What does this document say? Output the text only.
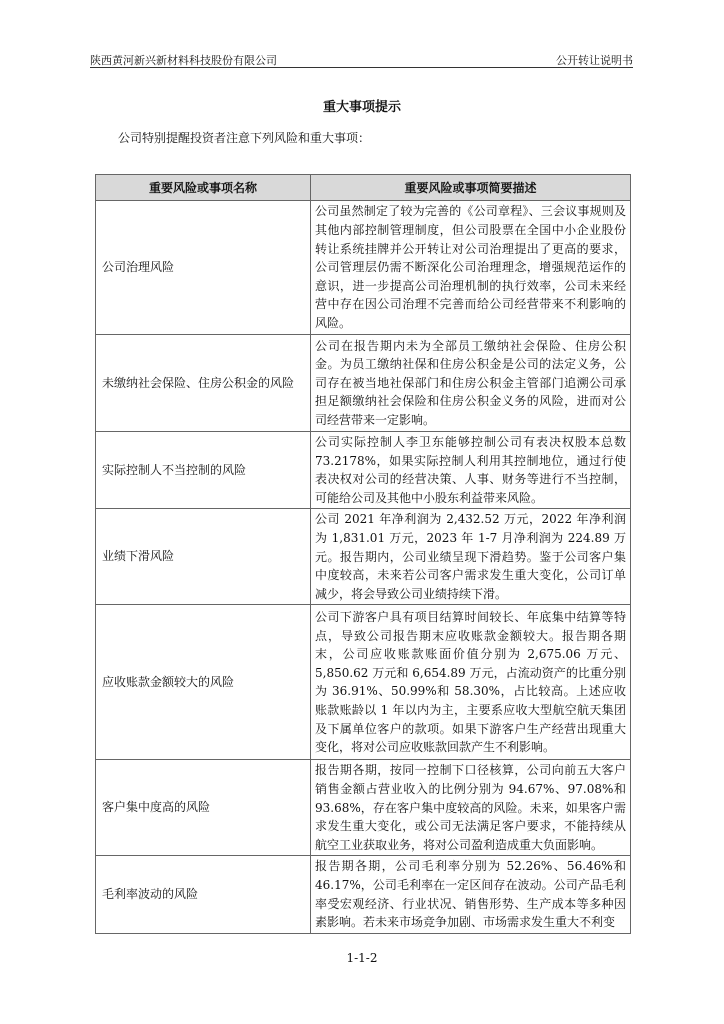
陕西黄河新兴新材料科技股份有限公司	公开转让说明书
重大事项提示
公司特别提醒投资者注意下列风险和重大事项：
重要风险或事项名称	重要风险或事项简要描述
公司治理风险	公司虽然制定了较为完善的《公司章程》、三会议事规则及其他内部控制管理制度，但公司股票在全国中小企业股份转让系统挂牌并公开转让对公司治理提出了更高的要求，公司管理层仍需不断深化公司治理理念，增强规范运作的意识，进一步提高公司治理机制的执行效率，公司未来经营中存在因公司治理不完善而给公司经营带来不利影响的风险。
未缴纳社会保险、住房公积金的风险	公司在报告期内未为全部员工缴纳社会保险、住房公积金。为员工缴纳社保和住房公积金是公司的法定义务，公司存在被当地社保部门和住房公积金主管部门追溯公司承担足额缴纳社会保险和住房公积金义务的风险，进而对公司经营带来一定影响。
实际控制人不当控制的风险	公司实际控制人李卫东能够控制公司有表决权股本总数73.2178%，如果实际控制人利用其控制地位，通过行使表决权对公司的经营决策、人事、财务等进行不当控制，可能给公司及其他中小股东利益带来风险。
业绩下滑风险	公司 2021 年净利润为 2,432.52 万元，2022 年净利润为 1,831.01 万元，2023 年 1-7 月净利润为 224.89 万元。报告期内，公司业绩呈现下滑趋势。鉴于公司客户集中度较高，未来若公司客户需求发生重大变化，公司订单减少，将会导致公司业绩持续下滑。
应收账款金额较大的风险	公司下游客户具有项目结算时间较长、年底集中结算等特点，导致公司报告期末应收账款金额较大。报告期各期末，公司应收账款账面价值分别为 2,675.06 万元、5,850.62 万元和 6,654.89 万元，占流动资产的比重分别为 36.91%、50.99%和 58.30%，占比较高。上述应收账款账龄以 1 年以内为主，主要系应收大型航空航天集团及下属单位客户的款项。如果下游客户生产经营出现重大变化，将对公司应收账款回款产生不利影响。
客户集中度高的风险	报告期各期，按同一控制下口径核算，公司向前五大客户销售金额占营业收入的比例分别为 94.67%、97.08%和 93.68%，存在客户集中度较高的风险。未来，如果客户需求发生重大变化，或公司无法满足客户要求，不能持续从航空工业获取业务，将对公司盈利造成重大负面影响。
毛利率波动的风险	报告期各期，公司毛利率分别为 52.26%、56.46%和 46.17%，公司毛利率在一定区间存在波动。公司产品毛利率受宏观经济、行业状况、销售形势、生产成本等多种因素影响。若未来市场竞争加剧、市场需求发生重大不利变
1-1-2
